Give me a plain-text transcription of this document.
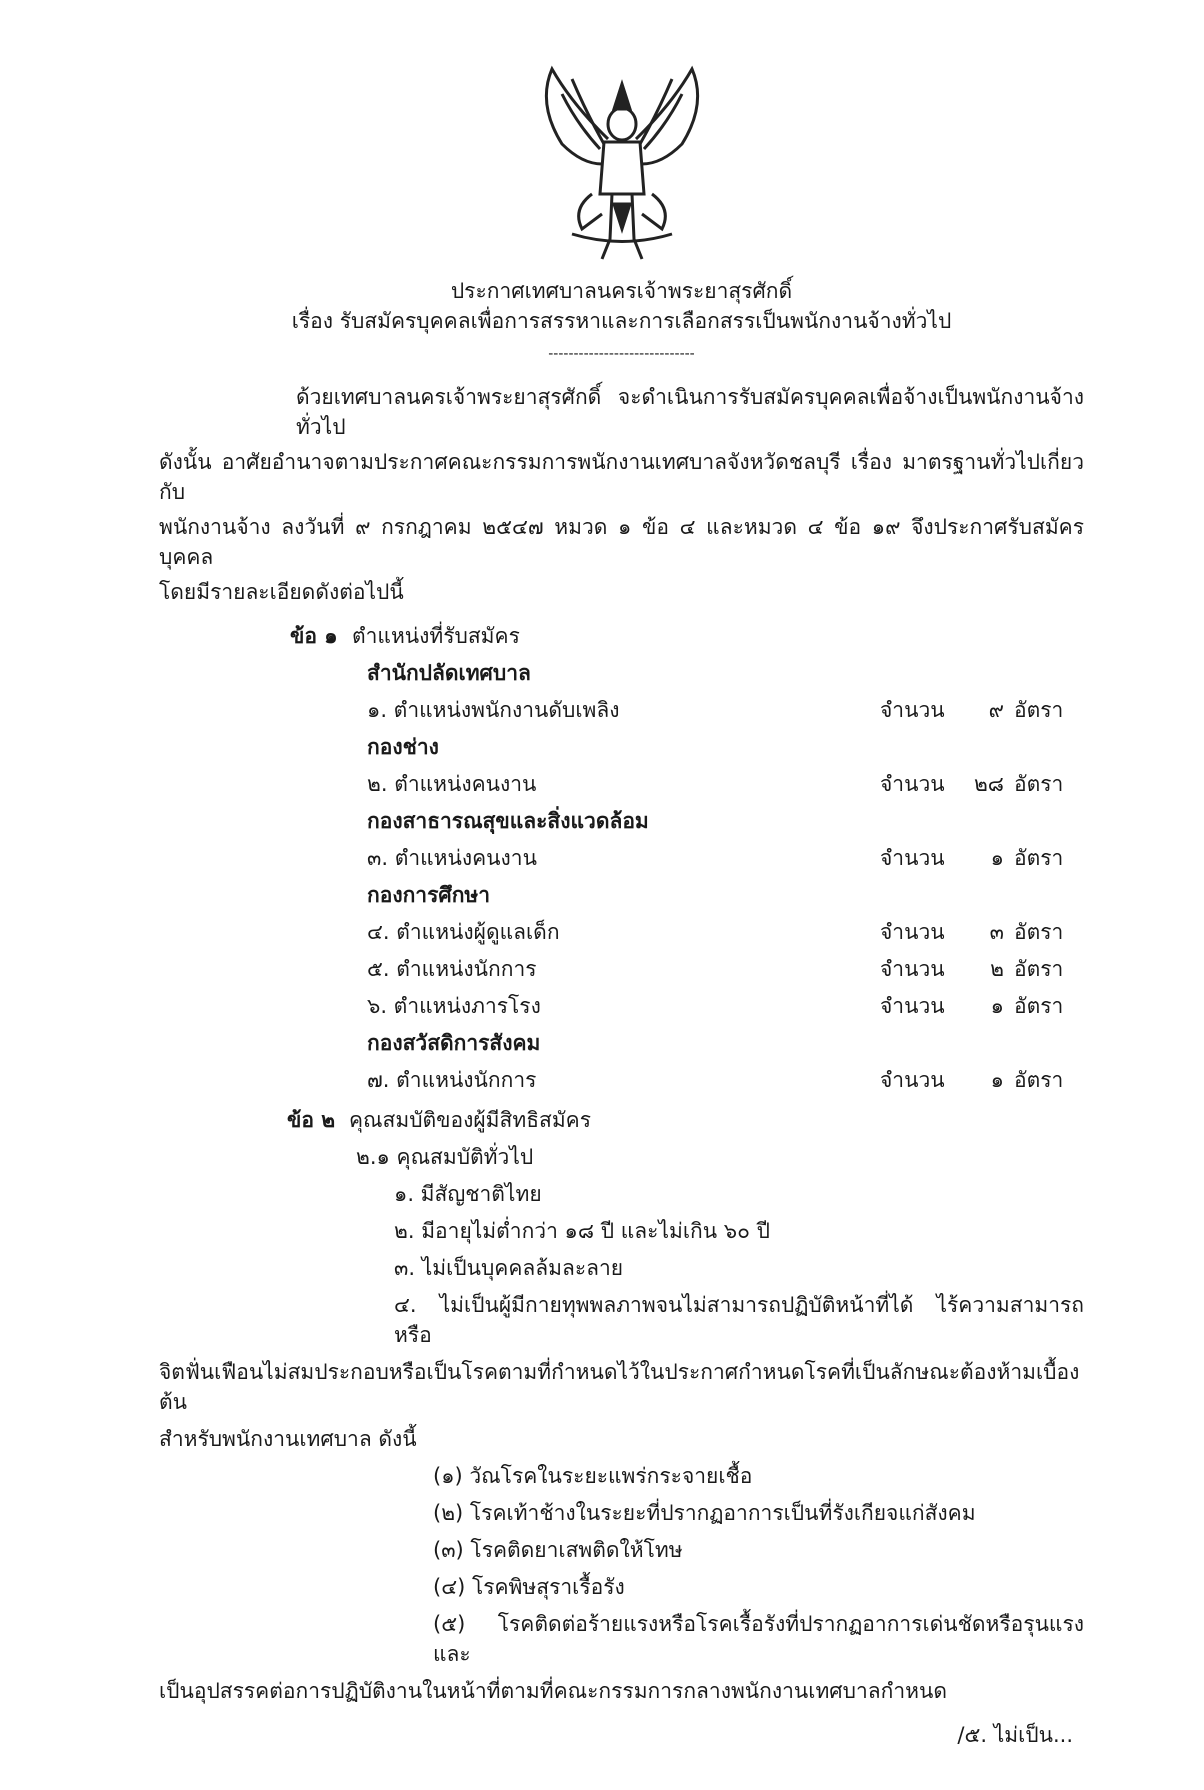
ประกาศเทศบาลนครเจ้าพระยาสุรศักดิ์
เรื่อง รับสมัครบุคคลเพื่อการสรรหาและการเลือกสรรเป็นพนักงานจ้างทั่วไป
-----------------------------

ด้วยเทศบาลนครเจ้าพระยาสุรศักดิ์ จะดำเนินการรับสมัครบุคคลเพื่อจ้างเป็นพนักงานจ้างทั่วไป

ดังนั้น อาศัยอำนาจตามประกาศคณะกรรมการพนักงานเทศบาลจังหวัดชลบุรี เรื่อง มาตรฐานทั่วไปเกี่ยวกับ

พนักงานจ้าง ลงวันที่ ๙ กรกฎาคม ๒๕๔๗ หมวด ๑ ข้อ ๔ และหมวด ๔ ข้อ ๑๙ จึงประกาศรับสมัครบุคคล

โดยมีรายละเอียดดังต่อไปนี้

ข้อ ๑ ตำแหน่งที่รับสมัคร
สำนักปลัดเทศบาล
๑. ตำแหน่งพนักงานดับเพลิง	จำนวน	๙ อัตรา
กองช่าง
๒. ตำแหน่งคนงาน	จำนวน	๒๘ อัตรา
กองสาธารณสุขและสิ่งแวดล้อม
๓. ตำแหน่งคนงาน	จำนวน	๑ อัตรา
กองการศึกษา
๔. ตำแหน่งผู้ดูแลเด็ก	จำนวน	๓ อัตรา
๕. ตำแหน่งนักการ	จำนวน	๒ อัตรา
๖. ตำแหน่งภารโรง	จำนวน	๑ อัตรา
กองสวัสดิการสังคม
๗. ตำแหน่งนักการ	จำนวน	๑ อัตรา
ข้อ ๒ คุณสมบัติของผู้มีสิทธิสมัคร
๒.๑ คุณสมบัติทั่วไป
๑. มีสัญชาติไทย
๒. มีอายุไม่ต่ำกว่า ๑๘ ปี และไม่เกิน ๖๐ ปี
๓. ไม่เป็นบุคคลล้มละลาย
๔. ไม่เป็นผู้มีกายทุพพลภาพจนไม่สามารถปฏิบัติหน้าที่ได้ ไร้ความสามารถ หรือ
จิตฟั่นเฟือนไม่สมประกอบหรือเป็นโรคตามที่กำหนดไว้ในประกาศกำหนดโรคที่เป็นลักษณะต้องห้ามเบื้องต้น
สำหรับพนักงานเทศบาล ดังนี้
(๑) วัณโรคในระยะแพร่กระจายเชื้อ
(๒) โรคเท้าช้างในระยะที่ปรากฏอาการเป็นที่รังเกียจแก่สังคม
(๓) โรคติดยาเสพติดให้โทษ
(๔) โรคพิษสุราเรื้อรัง
(๕) โรคติดต่อร้ายแรงหรือโรคเรื้อรังที่ปรากฏอาการเด่นชัดหรือรุนแรงและ
เป็นอุปสรรคต่อการปฏิบัติงานในหน้าที่ตามที่คณะกรรมการกลางพนักงานเทศบาลกำหนด
/๕. ไม่เป็น...
